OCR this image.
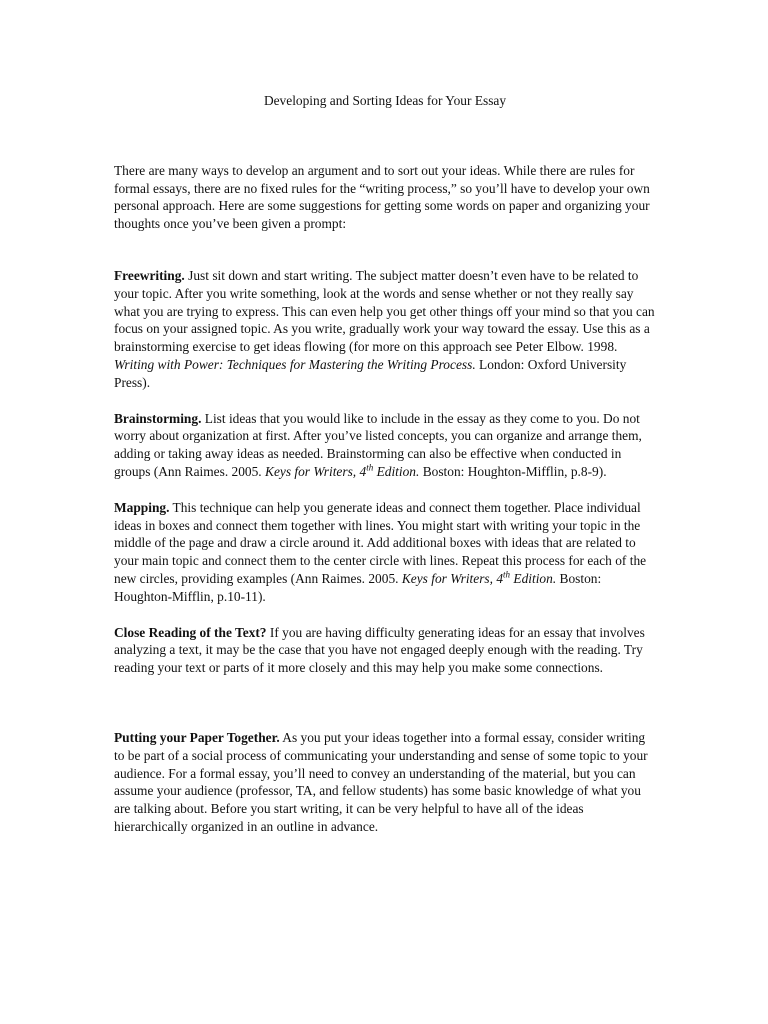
Developing and Sorting Ideas for Your Essay

There are many ways to develop an argument and to sort out your ideas. While there are rules for formal essays, there are no fixed rules for the “writing process,” so you’ll have to develop your own personal approach. Here are some suggestions for getting some words on paper and organizing your thoughts once you’ve been given a prompt:

Freewriting. Just sit down and start writing. The subject matter doesn’t even have to be related to your topic. After you write something, look at the words and sense whether or not they really say what you are trying to express. This can even help you get other things off your mind so that you can focus on your assigned topic. As you write, gradually work your way toward the essay. Use this as a brainstorming exercise to get ideas flowing (for more on this approach see Peter Elbow. 1998. Writing with Power: Techniques for Mastering the Writing Process. London: Oxford University Press).

Brainstorming. List ideas that you would like to include in the essay as they come to you. Do not worry about organization at first. After you’ve listed concepts, you can organize and arrange them, adding or taking away ideas as needed. Brainstorming can also be effective when conducted in groups (Ann Raimes. 2005. Keys for Writers, 4th Edition. Boston: Houghton-Mifflin, p.8-9).

Mapping. This technique can help you generate ideas and connect them together. Place individual ideas in boxes and connect them together with lines. You might start with writing your topic in the middle of the page and draw a circle around it. Add additional boxes with ideas that are related to your main topic and connect them to the center circle with lines. Repeat this process for each of the new circles, providing examples (Ann Raimes. 2005. Keys for Writers, 4th Edition. Boston: Houghton-Mifflin, p.10-11).

Close Reading of the Text? If you are having difficulty generating ideas for an essay that involves analyzing a text, it may be the case that you have not engaged deeply enough with the reading. Try reading your text or parts of it more closely and this may help you make some connections.

Putting your Paper Together. As you put your ideas together into a formal essay, consider writing to be part of a social process of communicating your understanding and sense of some topic to your audience. For a formal essay, you’ll need to convey an understanding of the material, but you can assume your audience (professor, TA, and fellow students) has some basic knowledge of what you are talking about. Before you start writing, it can be very helpful to have all of the ideas hierarchically organized in an outline in advance.
